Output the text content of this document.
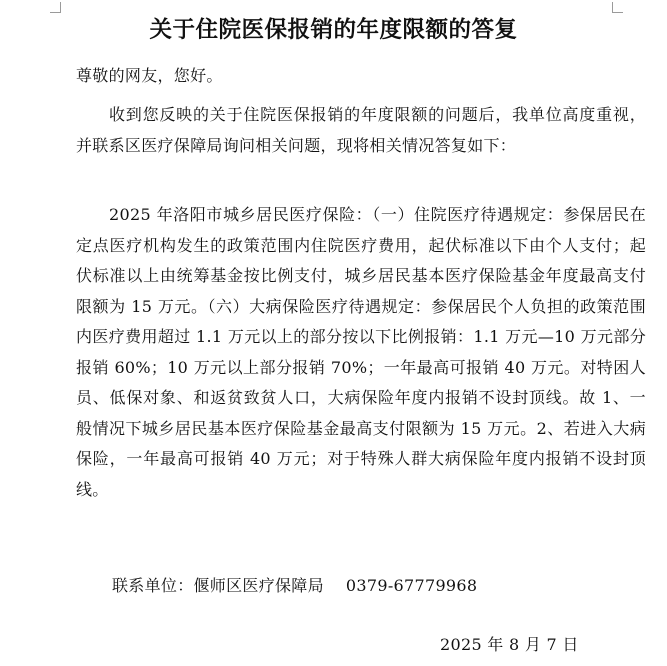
关于住院医保报销的年度限额的答复
尊敬的网友，您好。
收到您反映的关于住院医保报销的年度限额的问题后，我单位高度重视，并联系区医疗保障局询问相关问题，现将相关情况答复如下：
2025 年洛阳市城乡居民医疗保险：（一）住院医疗待遇规定：参保居民在定点医疗机构发生的政策范围内住院医疗费用，起伏标准以下由个人支付；起伏标准以上由统筹基金按比例支付，城乡居民基本医疗保险基金年度最高支付限额为 15 万元。（六）大病保险医疗待遇规定：参保居民个人负担的政策范围内医疗费用超过 1.1 万元以上的部分按以下比例报销：1.1 万元—10 万元部分报销 60%；10 万元以上部分报销 70%；一年最高可报销 40 万元。对特困人员、低保对象、和返贫致贫人口，大病保险年度内报销不设封顶线。故 1、一般情况下城乡居民基本医疗保险基金最高支付限额为 15 万元。2、若进入大病保险，一年最高可报销 40 万元；对于特殊人群大病保险年度内报销不设封顶线。
联系单位：偃师区医疗保障局 0379-67779968
2025 年 8 月 7 日
